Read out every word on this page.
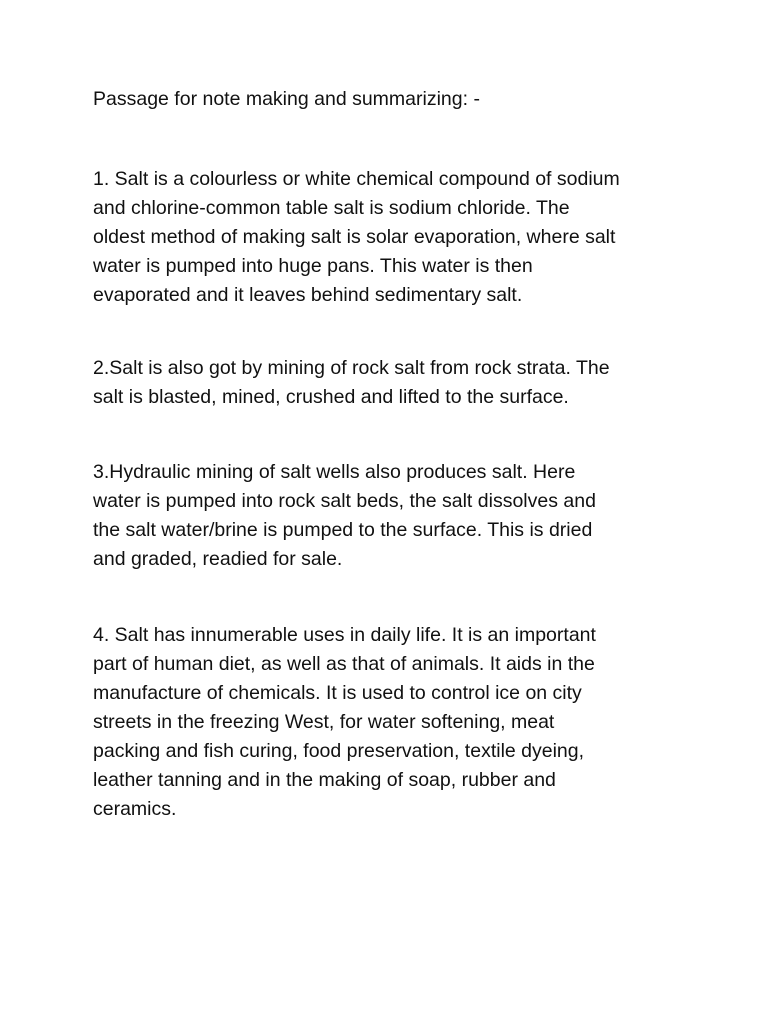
Passage for note making and summarizing: -

1. Salt is a colourless or white chemical compound of sodium
and chlorine-common table salt is sodium chloride. The
oldest method of making salt is solar evaporation, where salt
water is pumped into huge pans. This water is then
evaporated and it leaves behind sedimentary salt.

2.Salt is also got by mining of rock salt from rock strata. The
salt is blasted, mined, crushed and lifted to the surface.

3.Hydraulic mining of salt wells also produces salt. Here
water is pumped into rock salt beds, the salt dissolves and
the salt water/brine is pumped to the surface. This is dried
and graded, readied for sale.

4. Salt has innumerable uses in daily life. It is an important
part of human diet, as well as that of animals. It aids in the
manufacture of chemicals. It is used to control ice on city
streets in the freezing West, for water softening, meat
packing and fish curing, food preservation, textile dyeing,
leather tanning and in the making of soap, rubber and
ceramics.
